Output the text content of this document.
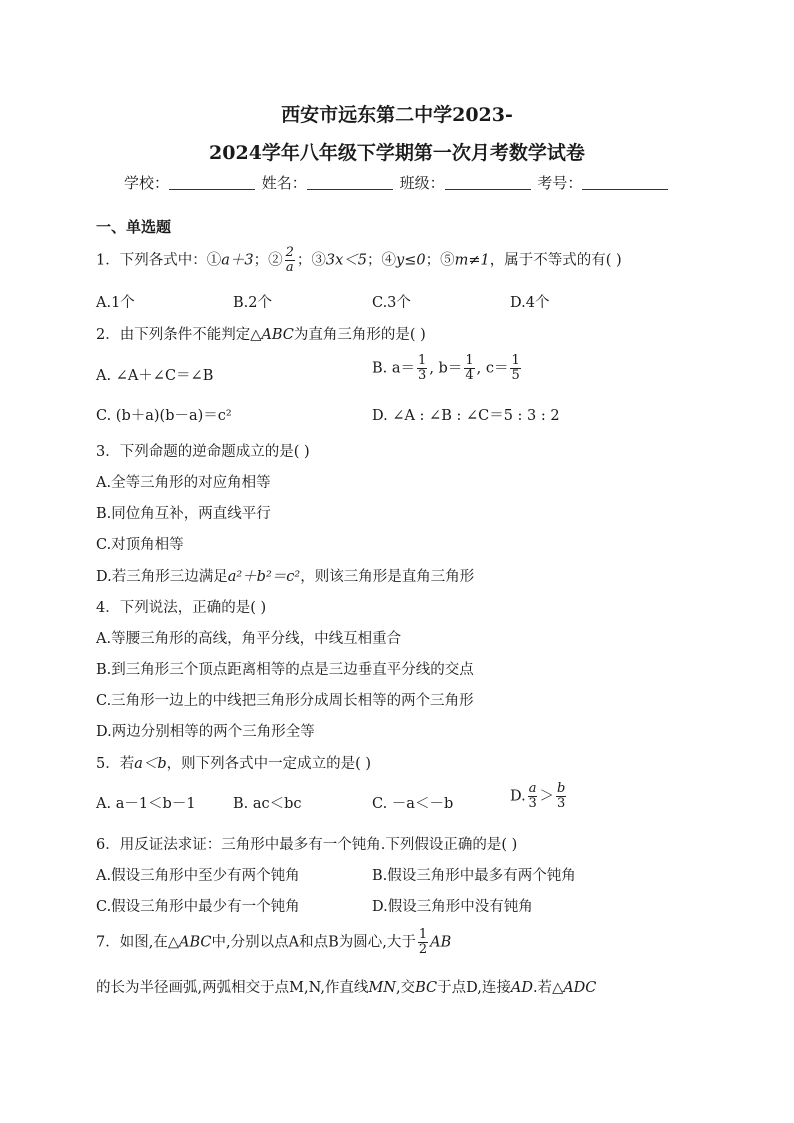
西安市远东第二中学2023-
2024学年八年级下学期第一次月考数学试卷
学校：	姓名：	班级：	考号：
一、单选题
1．下列各式中：①a＋3；② $\frac{2}{a}$ ；③3x＜5；④y≤0；⑤m≠1，属于不等式的有( )
A.1个	B.2个	C.3个	D.4个
2．由下列条件不能判定△ABC为直角三角形的是( )
A. ∠A＋∠C＝∠B	B. $a= \frac{1}{3}$ , $b= \frac{1}{4}$ , $c= \frac{1}{5}$
C. (b＋a)(b－a)＝c²	D. ∠A : ∠B : ∠C＝5 : 3 : 2
3．下列命题的逆命题成立的是( )
A.全等三角形的对应角相等
B.同位角互补，两直线平行
C.对顶角相等
D.若三角形三边满足a²＋b²＝c²，则该三角形是直角三角形
4．下列说法，正确的是( )
A.等腰三角形的高线，角平分线，中线互相重合
B.到三角形三个顶点距离相等的点是三边垂直平分线的交点
C.三角形一边上的中线把三角形分成周长相等的两个三角形
D.两边分别相等的两个三角形全等
5．若a＜b，则下列各式中一定成立的是( )
A. a－1＜b－1	B. ac＜bc	C. －a＜－b	D. $\frac{a}{3} > \frac{b}{3}$
6．用反证法求证：三角形中最多有一个钝角.下列假设正确的是( )
A.假设三角形中至少有两个钝角	B.假设三角形中最多有两个钝角
C.假设三角形中最少有一个钝角	D.假设三角形中没有钝角
7．如图,在△ABC中,分别以点A和点B为圆心,大于 $\frac{1}{2}$ AB
的长为半径画弧,两弧相交于点M,N,作直线MN,交BC于点D,连接AD.若△ADC
